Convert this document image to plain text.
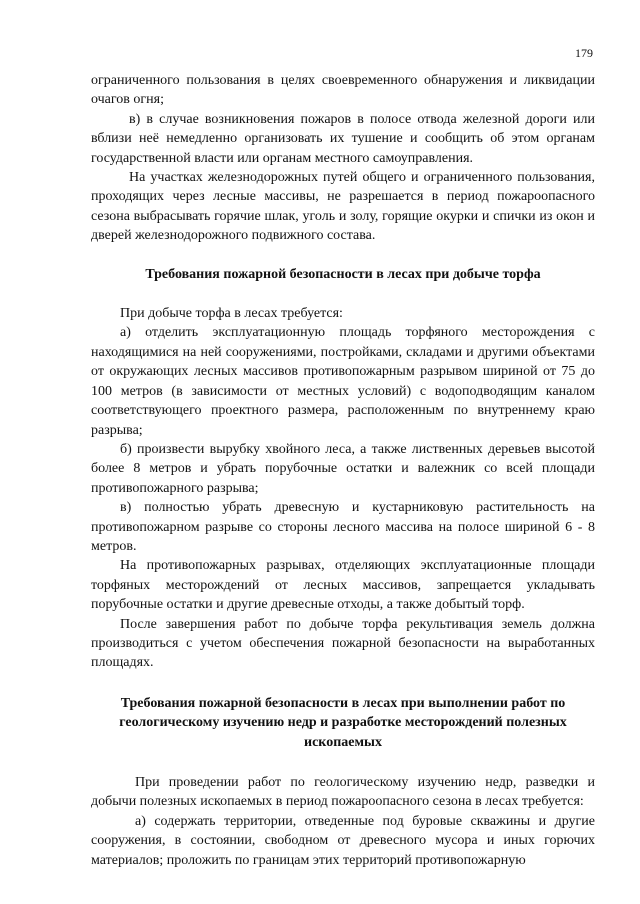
179

ограниченного пользования в целях своевременного обнаружения и ликвидации очагов огня;

в) в случае возникновения пожаров в полосе отвода железной дороги или вблизи неё немедленно организовать их тушение и сообщить об этом органам государственной власти или органам местного самоуправления.

На участках железнодорожных путей общего и ограниченного пользования, проходящих через лесные массивы, не разрешается в период пожароопасного сезона выбрасывать горячие шлак, уголь и золу, горящие окурки и спички из окон и дверей железнодорожного подвижного состава.

Требования пожарной безопасности в лесах при добыче торфа

При добыче торфа в лесах требуется:

а) отделить эксплуатационную площадь торфяного месторождения с находящимися на ней сооружениями, постройками, складами и другими объектами от окружающих лесных массивов противопожарным разрывом шириной от 75 до 100 метров (в зависимости от местных условий) с водоподводящим каналом соответствующего проектного размера, расположенным по внутреннему краю разрыва;

б) произвести вырубку хвойного леса, а также лиственных деревьев высотой более 8 метров и убрать порубочные остатки и валежник со всей площади противопожарного разрыва;

в) полностью убрать древесную и кустарниковую растительность на противопожарном разрыве со стороны лесного массива на полосе шириной 6 - 8 метров.

На противопожарных разрывах, отделяющих эксплуатационные площади торфяных месторождений от лесных массивов, запрещается укладывать порубочные остатки и другие древесные отходы, а также добытый торф.

После завершения работ по добыче торфа рекультивация земель должна производиться с учетом обеспечения пожарной безопасности на выработанных площадях.

Требования пожарной безопасности в лесах при выполнении работ по геологическому изучению недр и разработке месторождений полезных ископаемых

При проведении работ по геологическому изучению недр, разведки и добычи полезных ископаемых в период пожароопасного сезона в лесах требуется:

а) содержать территории, отведенные под буровые скважины и другие сооружения, в состоянии, свободном от древесного мусора и иных горючих материалов; проложить по границам этих территорий противопожарную
